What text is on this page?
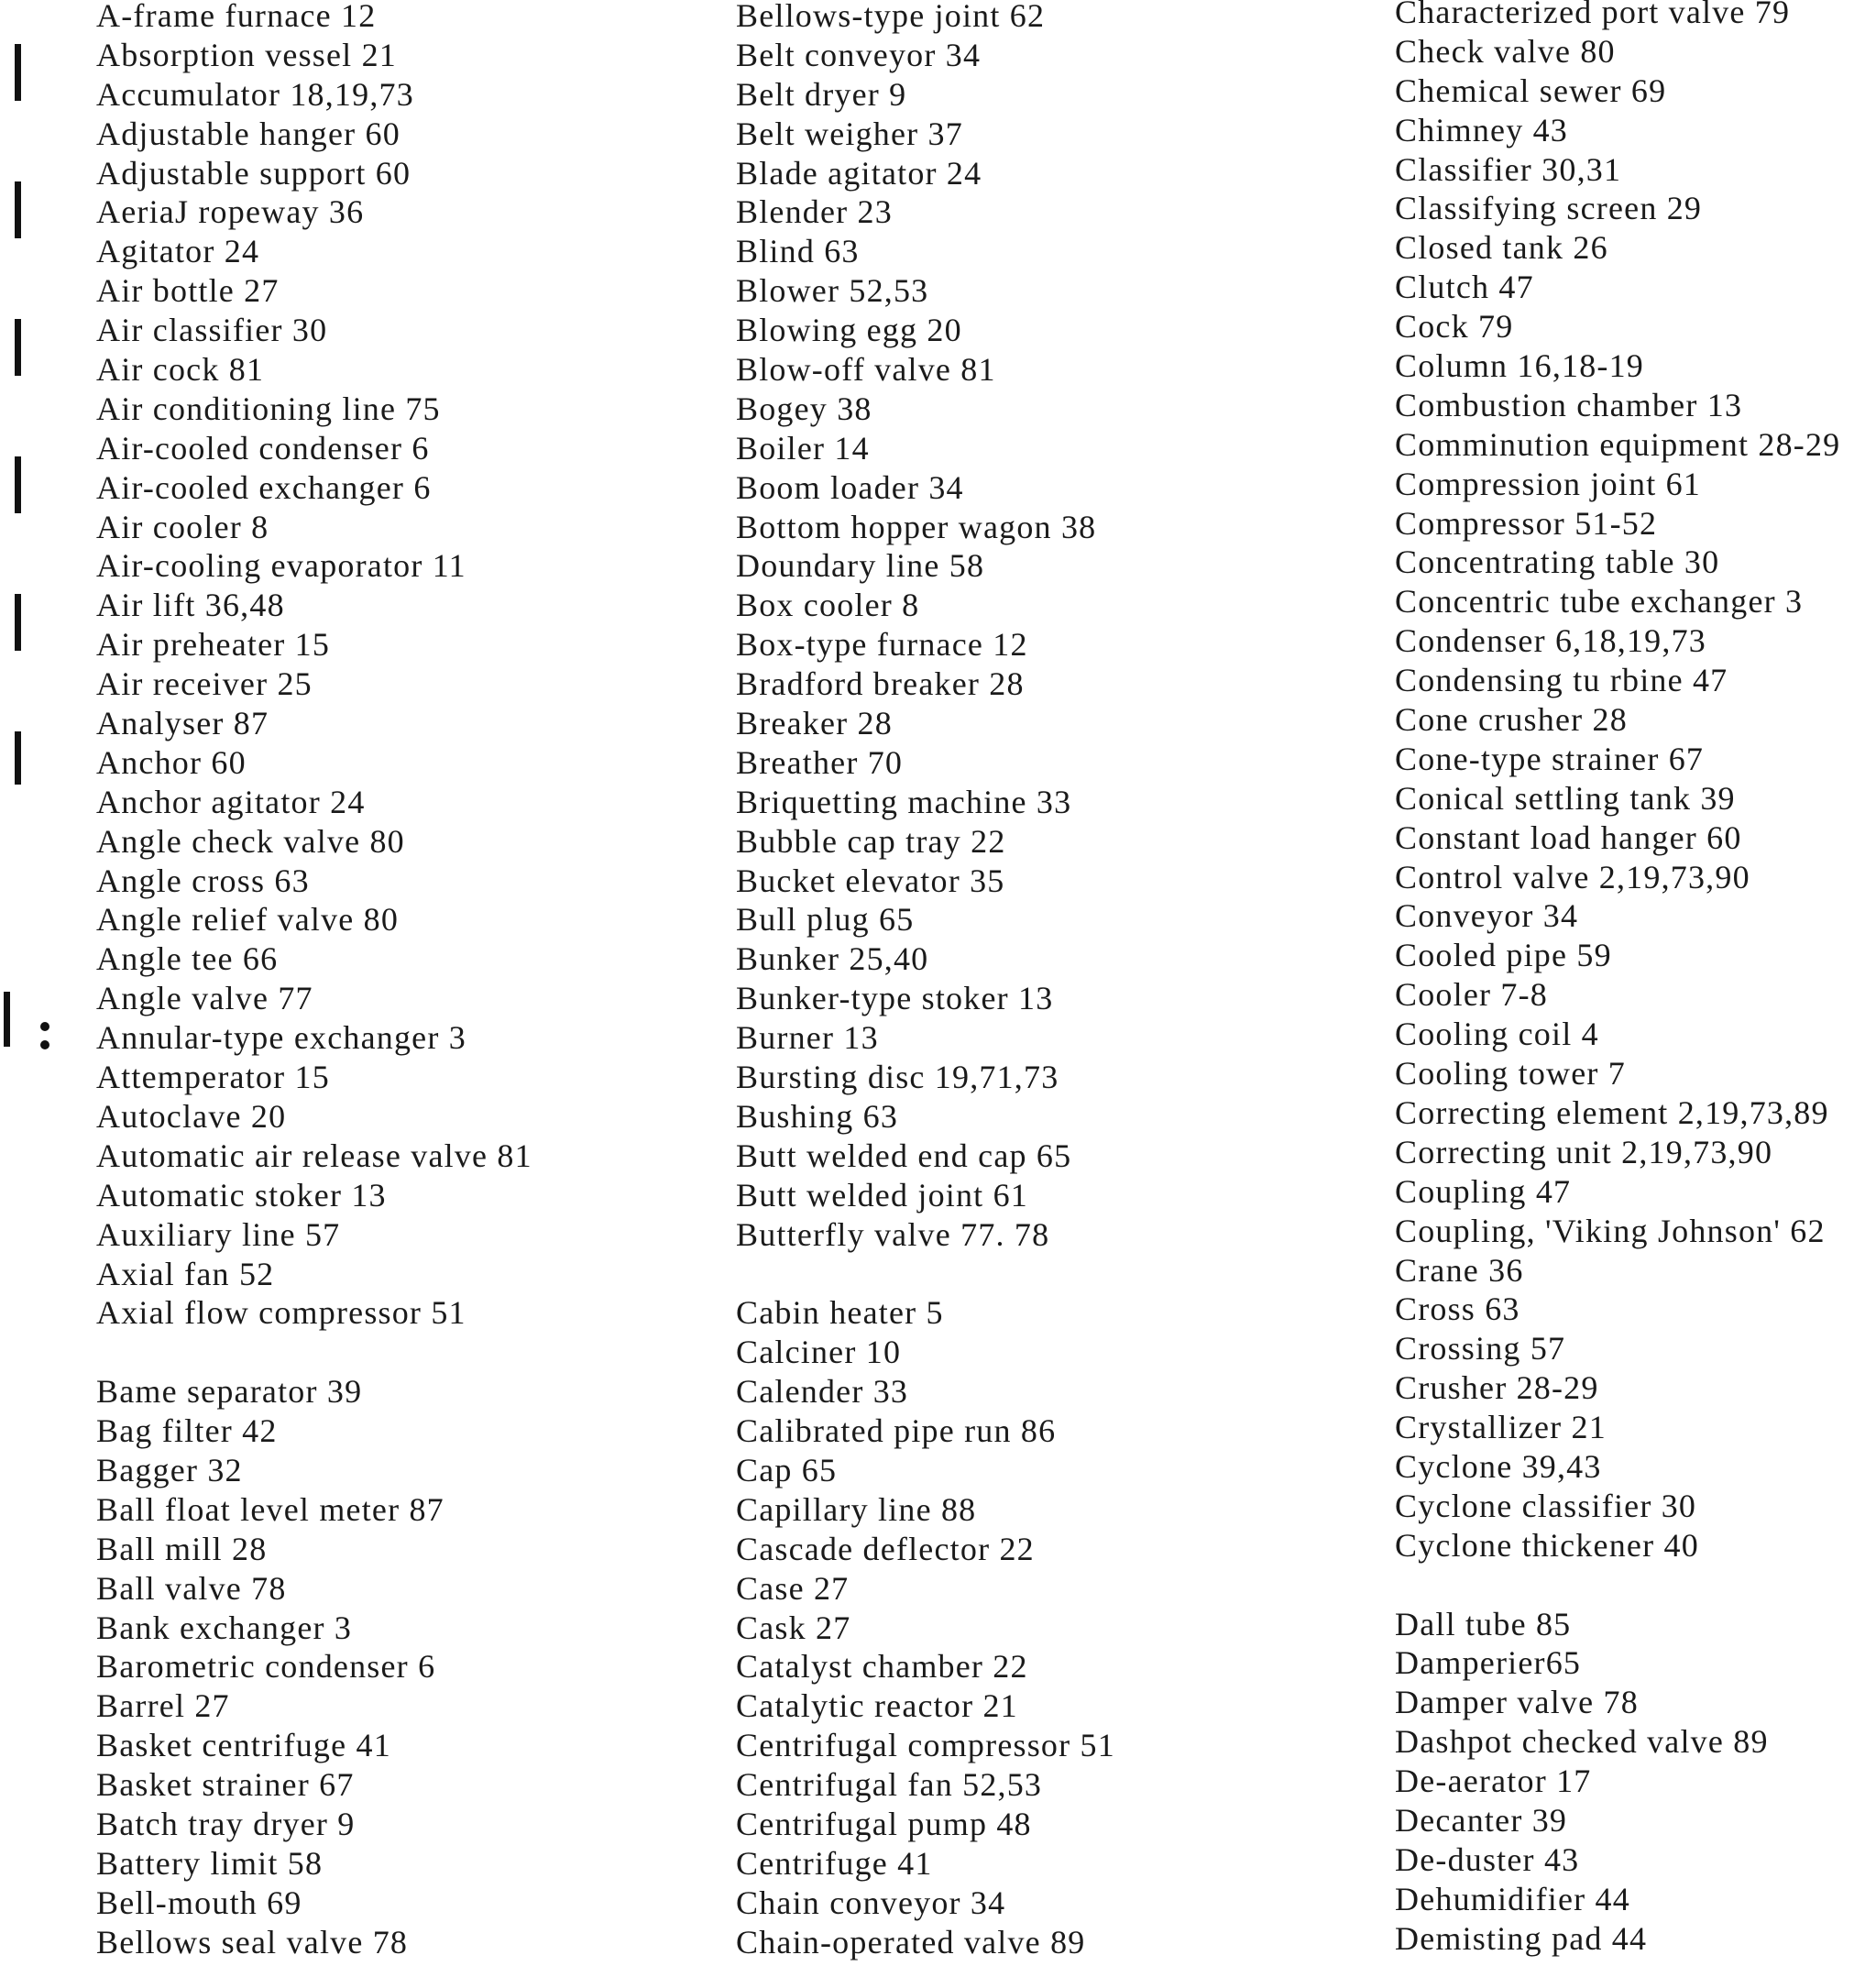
A-frame furnace 12
Absorption vessel 21
Accumulator 18,19,73
Adjustable hanger 60
Adjustable support 60
AeriaJ ropeway 36
Agitator 24
Air bottle 27
Air classifier 30
Air cock 81
Air conditioning line 75
Air-cooled condenser 6
Air-cooled exchanger 6
Air cooler 8
Air-cooling evaporator 11
Air lift 36,48
Air preheater 15
Air receiver 25
Analyser 87
Anchor 60
Anchor agitator 24
Angle check valve 80
Angle cross 63
Angle relief valve 80
Angle tee 66
Angle valve 77
Annular-type exchanger 3
Attemperator 15
Autoclave 20
Automatic air release valve 81
Automatic stoker 13
Auxiliary line 57
Axial fan 52
Axial flow compressor 51
Bame separator 39
Bag filter 42
Bagger 32
Ball float level meter 87
Ball mill 28
Ball valve 78
Bank exchanger 3
Barometric condenser 6
Barrel 27
Basket centrifuge 41
Basket strainer 67
Batch tray dryer 9
Battery limit 58
Bell-mouth 69
Bellows seal valve 78
Bellows-type joint 62
Belt conveyor 34
Belt dryer 9
Belt weigher 37
Blade agitator 24
Blender 23
Blind 63
Blower 52,53
Blowing egg 20
Blow-off valve 81
Bogey 38
Boiler 14
Boom loader 34
Bottom hopper wagon 38
Doundary line 58
Box cooler 8
Box-type furnace 12
Bradford breaker 28
Breaker 28
Breather 70
Briquetting machine 33
Bubble cap tray 22
Bucket elevator 35
Bull plug 65
Bunker 25,40
Bunker-type stoker 13
Burner 13
Bursting disc 19,71,73
Bushing 63
Butt welded end cap 65
Butt welded joint 61
Butterfly valve 77. 78
Cabin heater 5
Calciner 10
Calender 33
Calibrated pipe run 86
Cap 65
Capillary line 88
Cascade deflector 22
Case 27
Cask 27
Catalyst chamber 22
Catalytic reactor 21
Centrifugal compressor 51
Centrifugal fan 52,53
Centrifugal pump 48
Centrifuge 41
Chain conveyor 34
Chain-operated valve 89
Characterized port valve 79
Check valve 80
Chemical sewer 69
Chimney 43
Classifier 30,31
Classifying screen 29
Closed tank 26
Clutch 47
Cock 79
Column 16,18-19
Combustion chamber 13
Comminution equipment 28-29
Compression joint 61
Compressor 51-52
Concentrating table 30
Concentric tube exchanger 3
Condenser 6,18,19,73
Condensing tu rbine 47
Cone crusher 28
Cone-type strainer 67
Conical settling tank 39
Constant load hanger 60
Control valve 2,19,73,90
Conveyor 34
Cooled pipe 59
Cooler 7-8
Cooling coil 4
Cooling tower 7
Correcting element 2,19,73,89
Correcting unit 2,19,73,90
Coupling 47
Coupling, 'Viking Johnson' 62
Crane 36
Cross 63
Crossing 57
Crusher 28-29
Crystallizer 21
Cyclone 39,43
Cyclone classifier 30
Cyclone thickener 40
Dall tube 85
Damperier65
Damper valve 78
Dashpot checked valve 89
De-aerator 17
Decanter 39
De-duster 43
Dehumidifier 44
Demisting pad 44
